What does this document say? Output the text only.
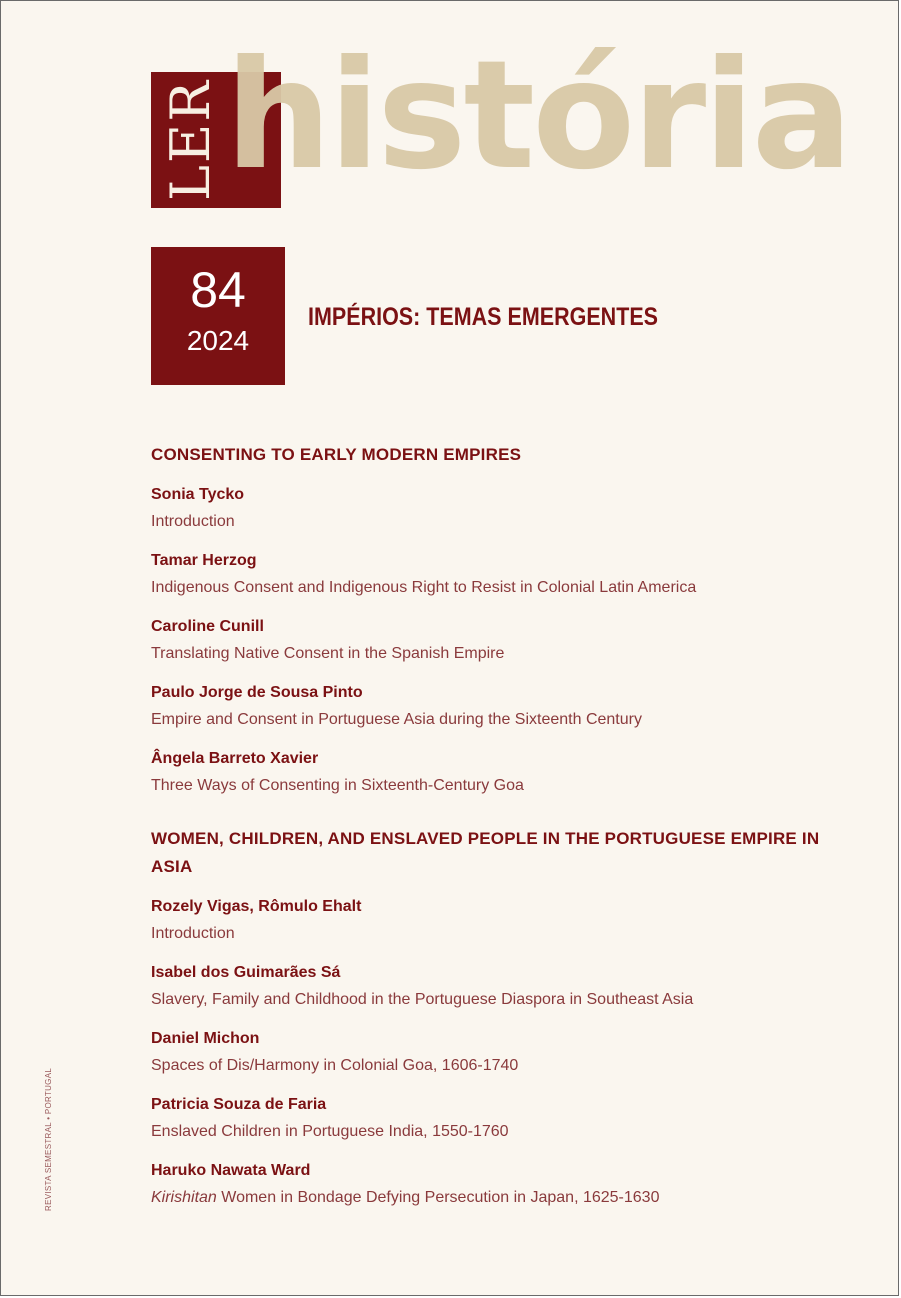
LER história
84
2024
IMPÉRIOS: TEMAS EMERGENTES
CONSENTING TO EARLY MODERN EMPIRES
Sonia Tycko
Introduction
Tamar Herzog
Indigenous Consent and Indigenous Right to Resist in Colonial Latin America
Caroline Cunill
Translating Native Consent in the Spanish Empire
Paulo Jorge de Sousa Pinto
Empire and Consent in Portuguese Asia during the Sixteenth Century
Ângela Barreto Xavier
Three Ways of Consenting in Sixteenth-Century Goa
WOMEN, CHILDREN, AND ENSLAVED PEOPLE IN THE PORTUGUESE EMPIRE IN ASIA
Rozely Vigas, Rômulo Ehalt
Introduction
Isabel dos Guimarães Sá
Slavery, Family and Childhood in the Portuguese Diaspora in Southeast Asia
Daniel Michon
Spaces of Dis/Harmony in Colonial Goa, 1606-1740
Patricia Souza de Faria
Enslaved Children in Portuguese India, 1550-1760
Haruko Nawata Ward
Kirishitan Women in Bondage Defying Persecution in Japan, 1625-1630
REVISTA SEMESTRAL • PORTUGAL
